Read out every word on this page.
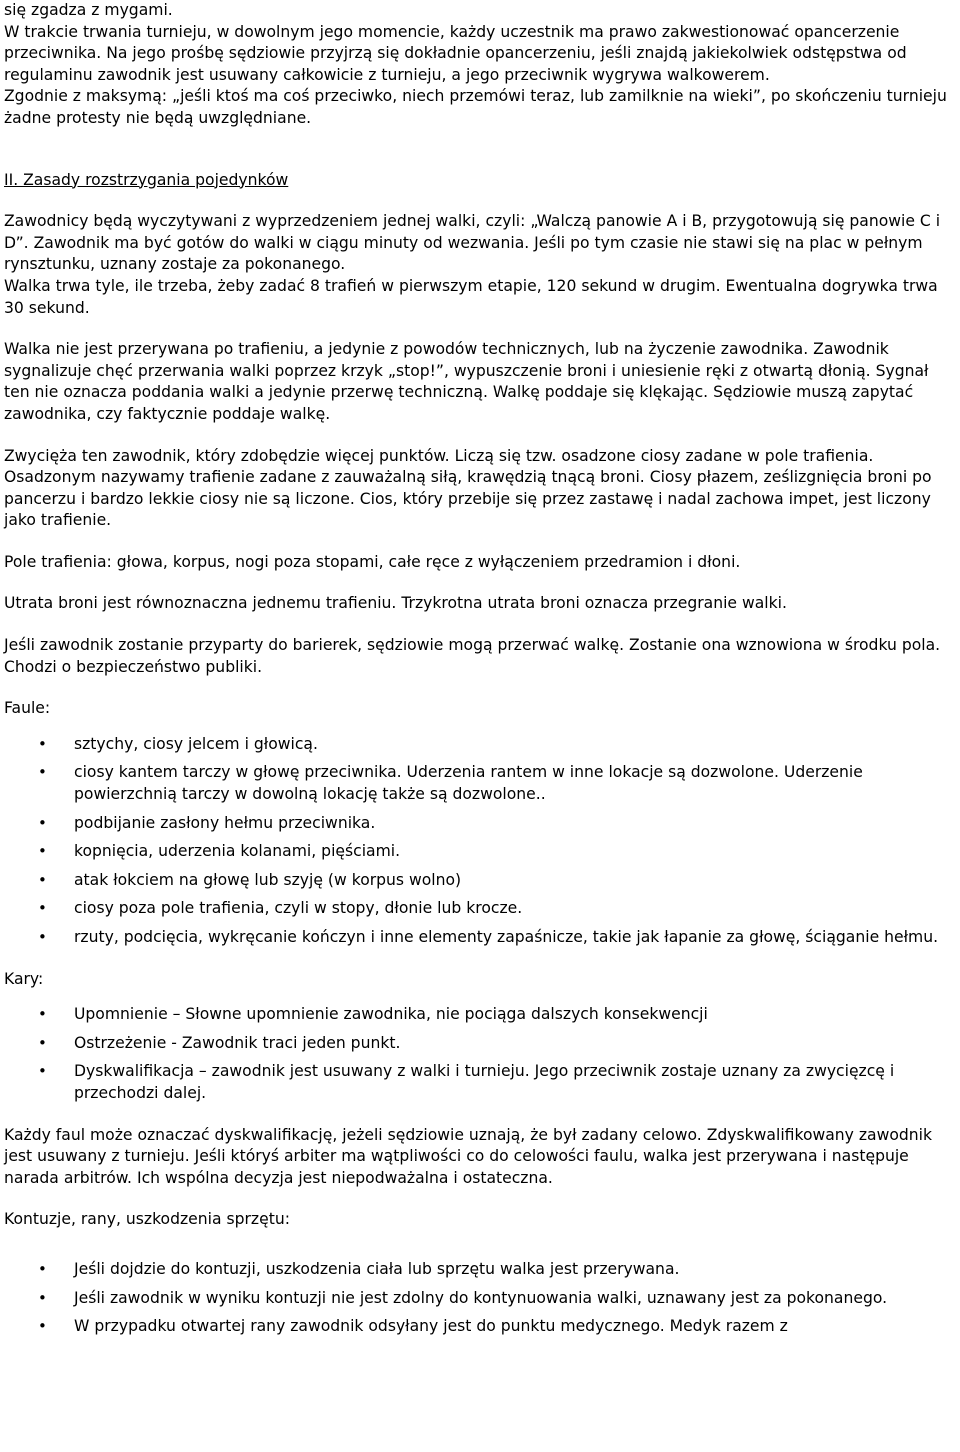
się zgadza z mygami.

W trakcie trwania turnieju, w dowolnym jego momencie, każdy uczestnik ma prawo zakwestionować opancerzenie przeciwnika. Na jego prośbę sędziowie przyjrzą się dokładnie opancerzeniu, jeśli znajdą jakiekolwiek odstępstwa od regulaminu zawodnik jest usuwany całkowicie z turnieju, a jego przeciwnik wygrywa walkowerem.

Zgodnie z maksymą: „jeśli ktoś ma coś przeciwko, niech przemówi teraz, lub zamilknie na wieki”, po skończeniu turnieju żadne protesty nie będą uwzględniane.

II. Zasady rozstrzygania pojedynków

Zawodnicy będą wyczytywani z wyprzedzeniem jednej walki, czyli: „Walczą panowie A i B, przygotowują się panowie C i D”. Zawodnik ma być gotów do walki w ciągu minuty od wezwania. Jeśli po tym czasie nie stawi się na plac w pełnym rynsztunku, uznany zostaje za pokonanego.

Walka trwa tyle, ile trzeba, żeby zadać 8 trafień w pierwszym etapie, 120 sekund w drugim. Ewentualna dogrywka trwa 30 sekund.

Walka nie jest przerywana po trafieniu, a jedynie z powodów technicznych, lub na życzenie zawodnika. Zawodnik sygnalizuje chęć przerwania walki poprzez krzyk „stop!”, wypuszczenie broni i uniesienie ręki z otwartą dłonią. Sygnał ten nie oznacza poddania walki a jedynie przerwę techniczną. Walkę poddaje się klękając. Sędziowie muszą zapytać zawodnika, czy faktycznie poddaje walkę.

Zwycięża ten zawodnik, który zdobędzie więcej punktów. Liczą się tzw. osadzone ciosy zadane w pole trafienia. Osadzonym nazywamy trafienie zadane z zauważalną siłą, krawędzią tnącą broni. Ciosy płazem, ześlizgnięcia broni po pancerzu i bardzo lekkie ciosy nie są liczone. Cios, który przebije się przez zastawę i nadal zachowa impet, jest liczony jako trafienie.

Pole trafienia: głowa, korpus, nogi poza stopami, całe ręce z wyłączeniem przedramion i dłoni.

Utrata broni jest równoznaczna jednemu trafieniu. Trzykrotna utrata broni oznacza przegranie walki.

Jeśli zawodnik zostanie przyparty do barierek, sędziowie mogą przerwać walkę. Zostanie ona wznowiona w środku pola. Chodzi o bezpieczeństwo publiki.

Faule:

• sztychy, ciosy jelcem i głowicą.
• ciosy kantem tarczy w głowę przeciwnika. Uderzenia rantem w inne lokacje są dozwolone. Uderzenie powierzchnią tarczy w dowolną lokację także są dozwolone..
• podbijanie zasłony hełmu przeciwnika.
• kopnięcia, uderzenia kolanami, pięściami.
• atak łokciem na głowę lub szyję (w korpus wolno)
• ciosy poza pole trafienia, czyli w stopy, dłonie lub krocze.
• rzuty, podcięcia, wykręcanie kończyn i inne elementy zapaśnicze, takie jak łapanie za głowę, ściąganie hełmu.

Kary:

• Upomnienie – Słowne upomnienie zawodnika, nie pociąga dalszych konsekwencji
• Ostrzeżenie - Zawodnik traci jeden punkt.
• Dyskwalifikacja – zawodnik jest usuwany z walki i turnieju. Jego przeciwnik zostaje uznany za zwycięzcę i przechodzi dalej.

Każdy faul może oznaczać dyskwalifikację, jeżeli sędziowie uznają, że był zadany celowo. Zdyskwalifikowany zawodnik jest usuwany z turnieju. Jeśli któryś arbiter ma wątpliwości co do celowości faulu, walka jest przerywana i następuje narada arbitrów. Ich wspólna decyzja jest niepodważalna i ostateczna.

Kontuzje, rany, uszkodzenia sprzętu:

• Jeśli dojdzie do kontuzji, uszkodzenia ciała lub sprzętu walka jest przerywana.
• Jeśli zawodnik w wyniku kontuzji nie jest zdolny do kontynuowania walki, uznawany jest za pokonanego.
• W przypadku otwartej rany zawodnik odsyłany jest do punktu medycznego. Medyk razem z
